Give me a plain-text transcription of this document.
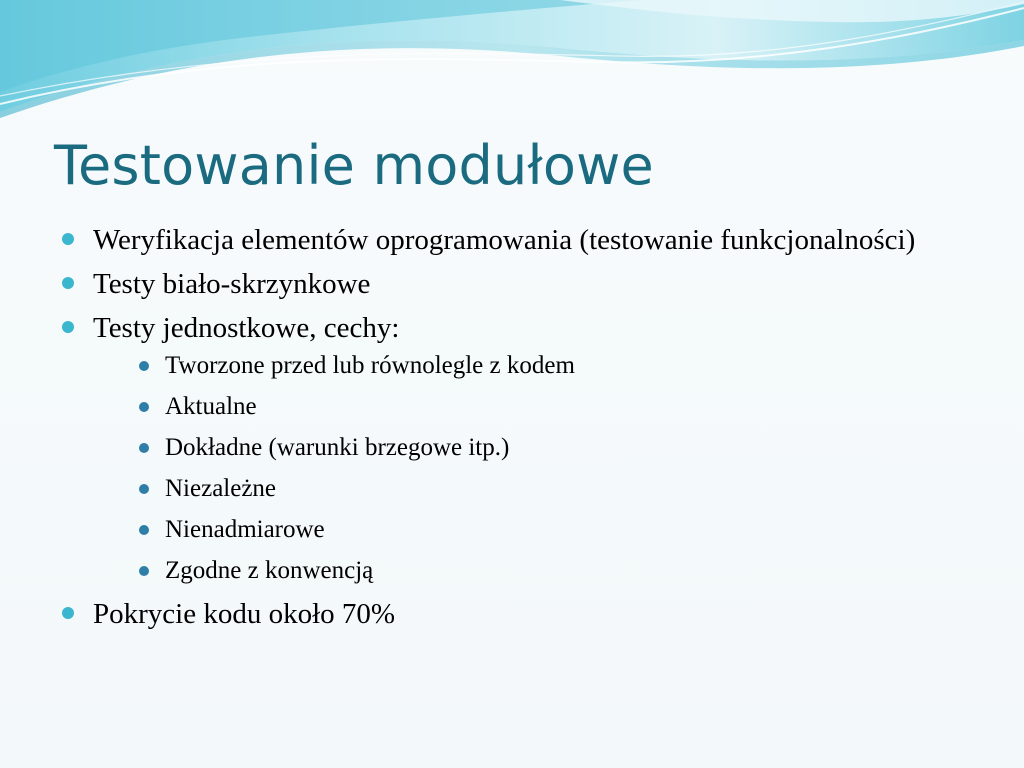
Testowanie modułowe
Weryfikacja elementów oprogramowania (testowanie funkcjonalności)
Testy biało-skrzynkowe
Testy jednostkowe, cechy:
Tworzone przed lub równolegle z kodem
Aktualne
Dokładne (warunki brzegowe itp.)
Niezależne
Nienadmiarowe
Zgodne z konwencją
Pokrycie kodu około 70%
